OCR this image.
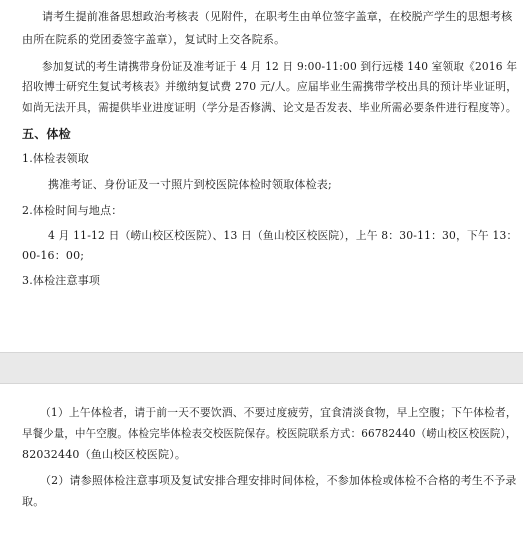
请考生提前准备思想政治考核表（见附件，在职考生由单位签字盖章，在校脱产学生的思想考核
由所在院系的党团委签字盖章），复试时上交各院系。
参加复试的考生请携带身份证及准考证于 4 月 12 日 9:00-11:00 到行远楼 140 室领取《2016 年
招收博士研究生复试考核表》并缴纳复试费 270 元/人。应届毕业生需携带学校出具的预计毕业证明，
如尚无法开具，需提供毕业进度证明（学分是否修满、论文是否发表、毕业所需必要条件进行程度等）。
五、体检
1.体检表领取
携准考证、身份证及一寸照片到校医院体检时领取体检表;
2.体检时间与地点：
4 月 11-12 日（崂山校区校医院）、13 日（鱼山校区校医院），上午 8：30-11：30，下午 13：
00-16：00;
3.体检注意事项
（1）上午体检者，请于前一天不要饮酒、不要过度疲劳，宜食清淡食物，早上空腹；下午体检者，
早餐少量，中午空腹。体检完毕体检表交校医院保存。校医院联系方式：66782440（崂山校区校医院），
82032440（鱼山校区校医院）。
（2）请参照体检注意事项及复试安排合理安排时间体检，不参加体检或体检不合格的考生不予录
取。
